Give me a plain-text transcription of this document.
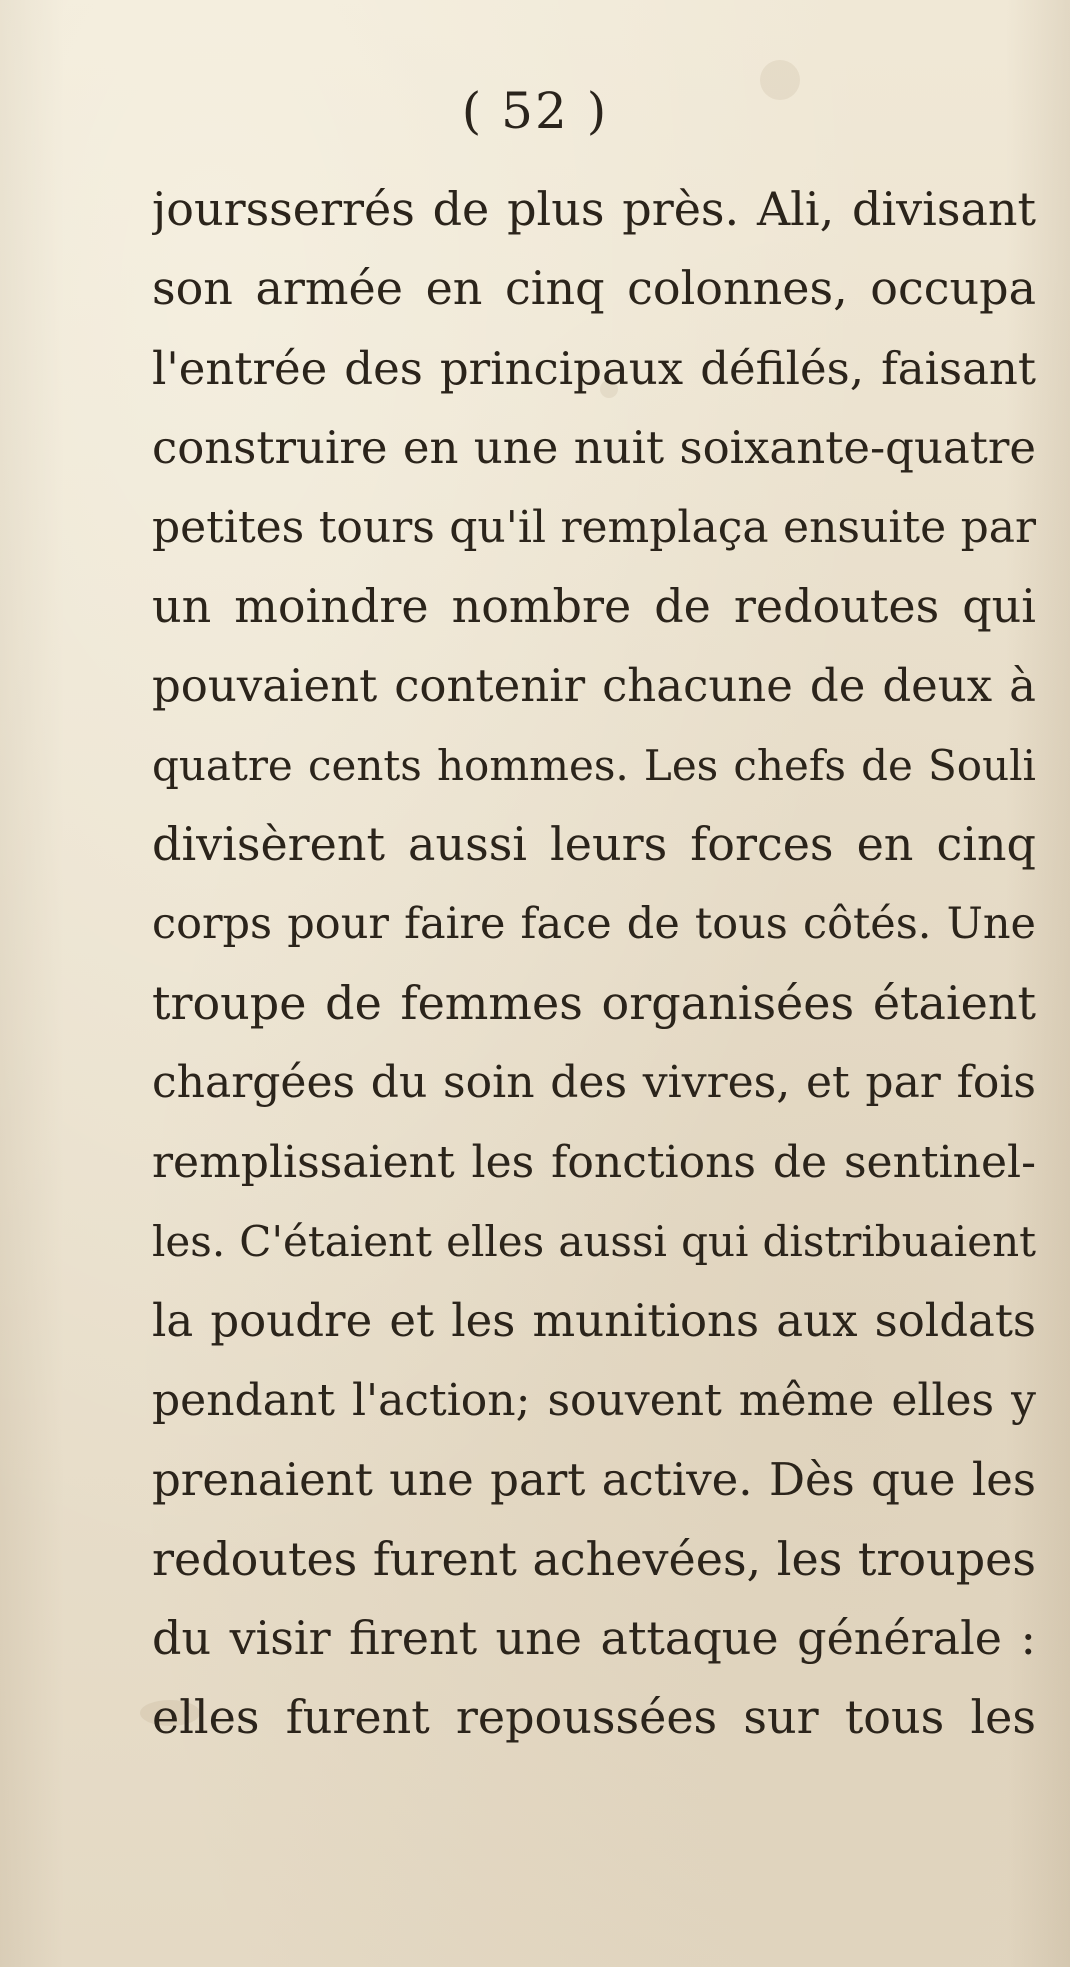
( 52 )
joursserrés de plus près. Ali, divisant
son armée en cinq colonnes, occupa
l'entrée des principaux défilés, faisant
construire en une nuit soixante-quatre
petites tours qu'il remplaça ensuite par
un moindre nombre de redoutes qui
pouvaient contenir chacune de deux à
quatre cents hommes. Les chefs de Souli
divisèrent aussi leurs forces en cinq
corps pour faire face de tous côtés. Une
troupe de femmes organisées étaient
chargées du soin des vivres, et par fois
remplissaient les fonctions de sentinel-
les. C'étaient elles aussi qui distribuaient
la poudre et les munitions aux soldats
pendant l'action; souvent même elles y
prenaient une part active. Dès que les
redoutes furent achevées, les troupes
du visir firent une attaque générale :
elles furent repoussées sur tous les
